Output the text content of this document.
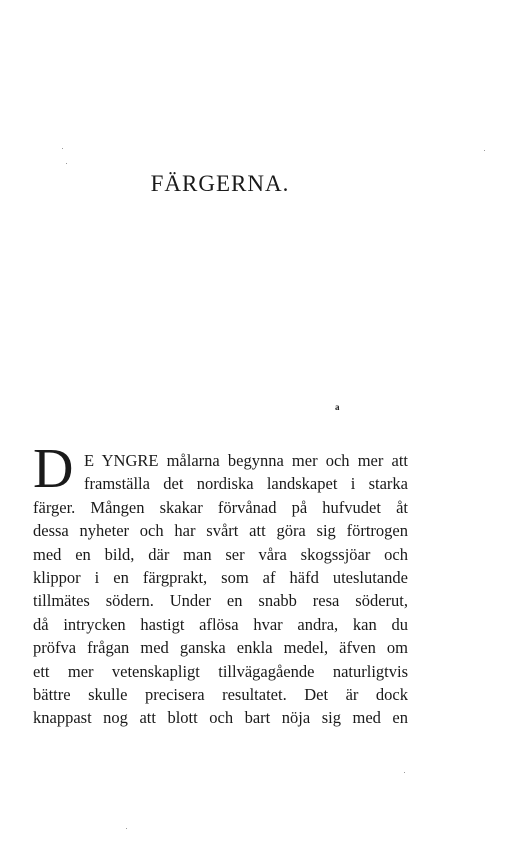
FÄRGERNA.
a
D E YNGRE målarna begynna mer och mer att
framställa det nordiska landskapet i starka
färger. Mången skakar förvånad på hufvudet åt
dessa nyheter och har svårt att göra sig förtrogen
med en bild, där man ser våra skogssjöar och
klippor i en färgprakt, som af häfd uteslutande
tillmätes södern. Under en snabb resa söderut,
då intrycken hastigt aflösa hvar andra, kan du
pröfva frågan med ganska enkla medel, äfven om
ett mer vetenskapligt tillvägagående naturligtvis
bättre skulle precisera resultatet. Det är dock
knappast nog att blott och bart nöja sig med en
